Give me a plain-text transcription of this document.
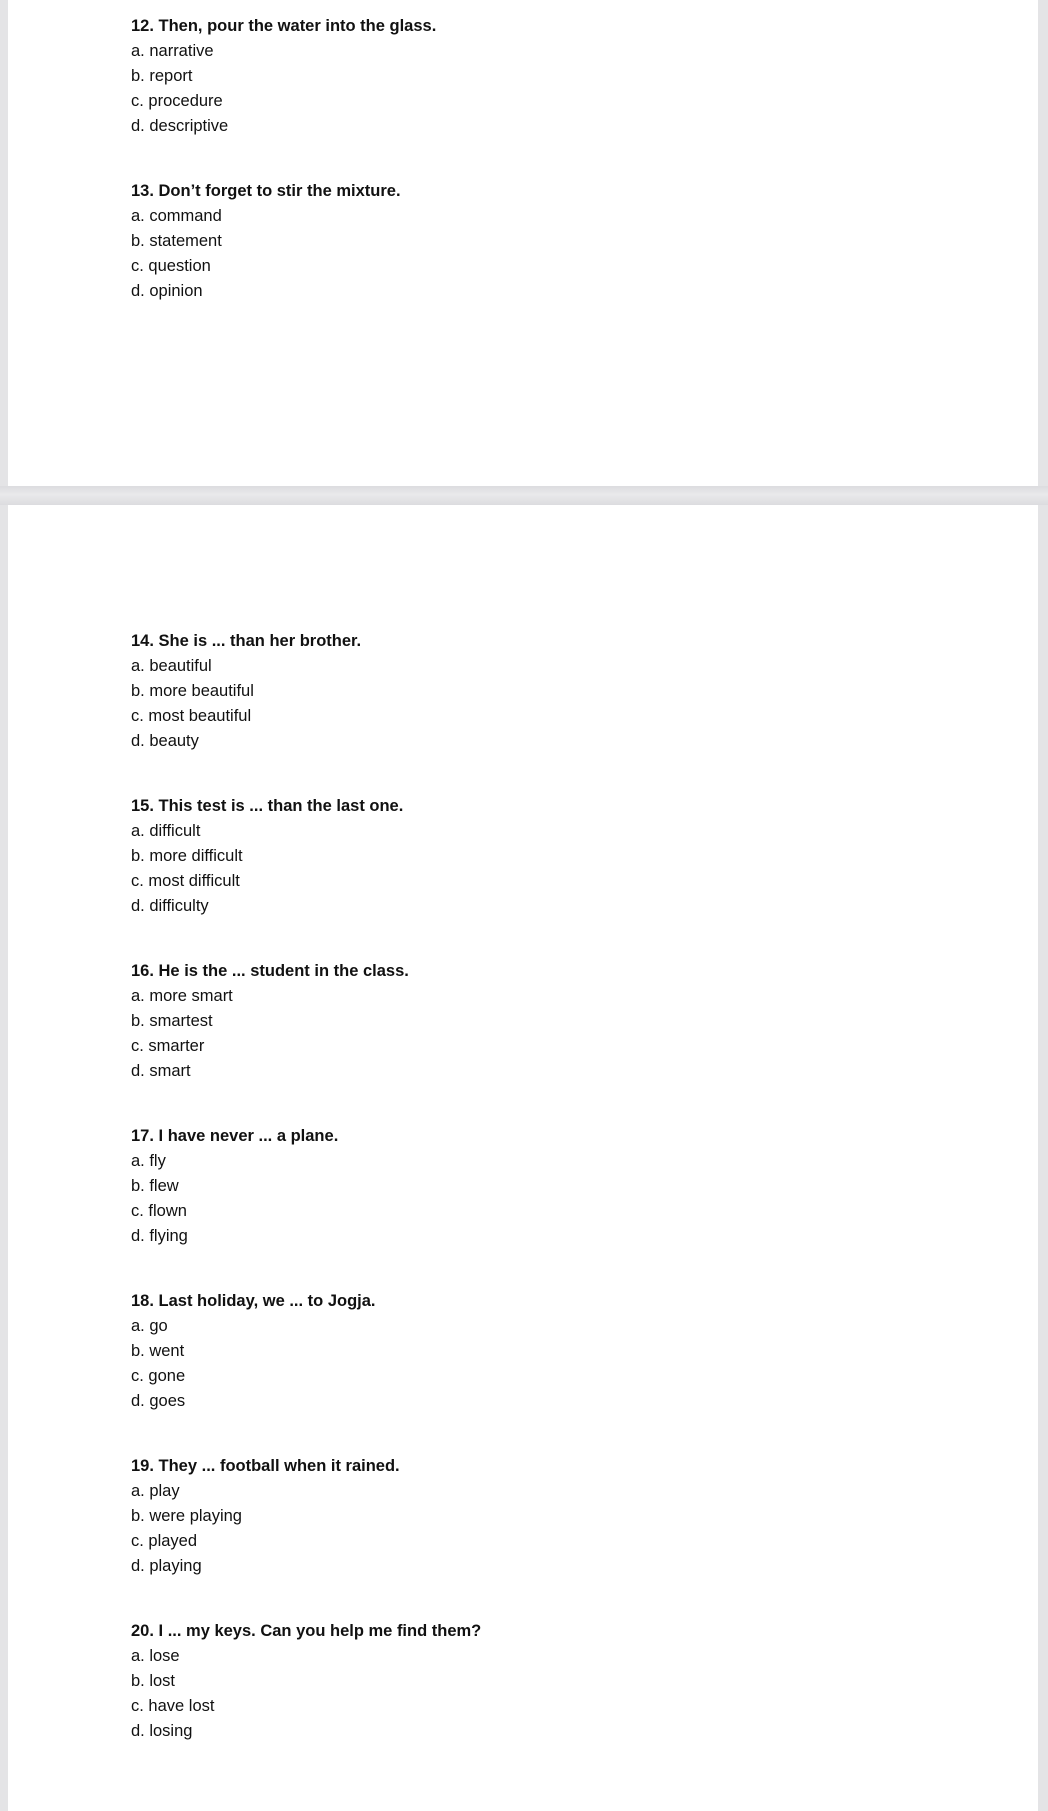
12. Then, pour the water into the glass.

a. narrative

b. report

c. procedure

d. descriptive

13. Don’t forget to stir the mixture.

a. command

b. statement

c. question

d. opinion

14. She is ... than her brother.

a. beautiful

b. more beautiful

c. most beautiful

d. beauty

15. This test is ... than the last one.

a. difficult

b. more difficult

c. most difficult

d. difficulty

16. He is the ... student in the class.

a. more smart

b. smartest

c. smarter

d. smart

17. I have never ... a plane.

a. fly

b. flew

c. flown

d. flying

18. Last holiday, we ... to Jogja.

a. go

b. went

c. gone

d. goes

19. They ... football when it rained.

a. play

b. were playing

c. played

d. playing

20. I ... my keys. Can you help me find them?

a. lose

b. lost

c. have lost

d. losing
